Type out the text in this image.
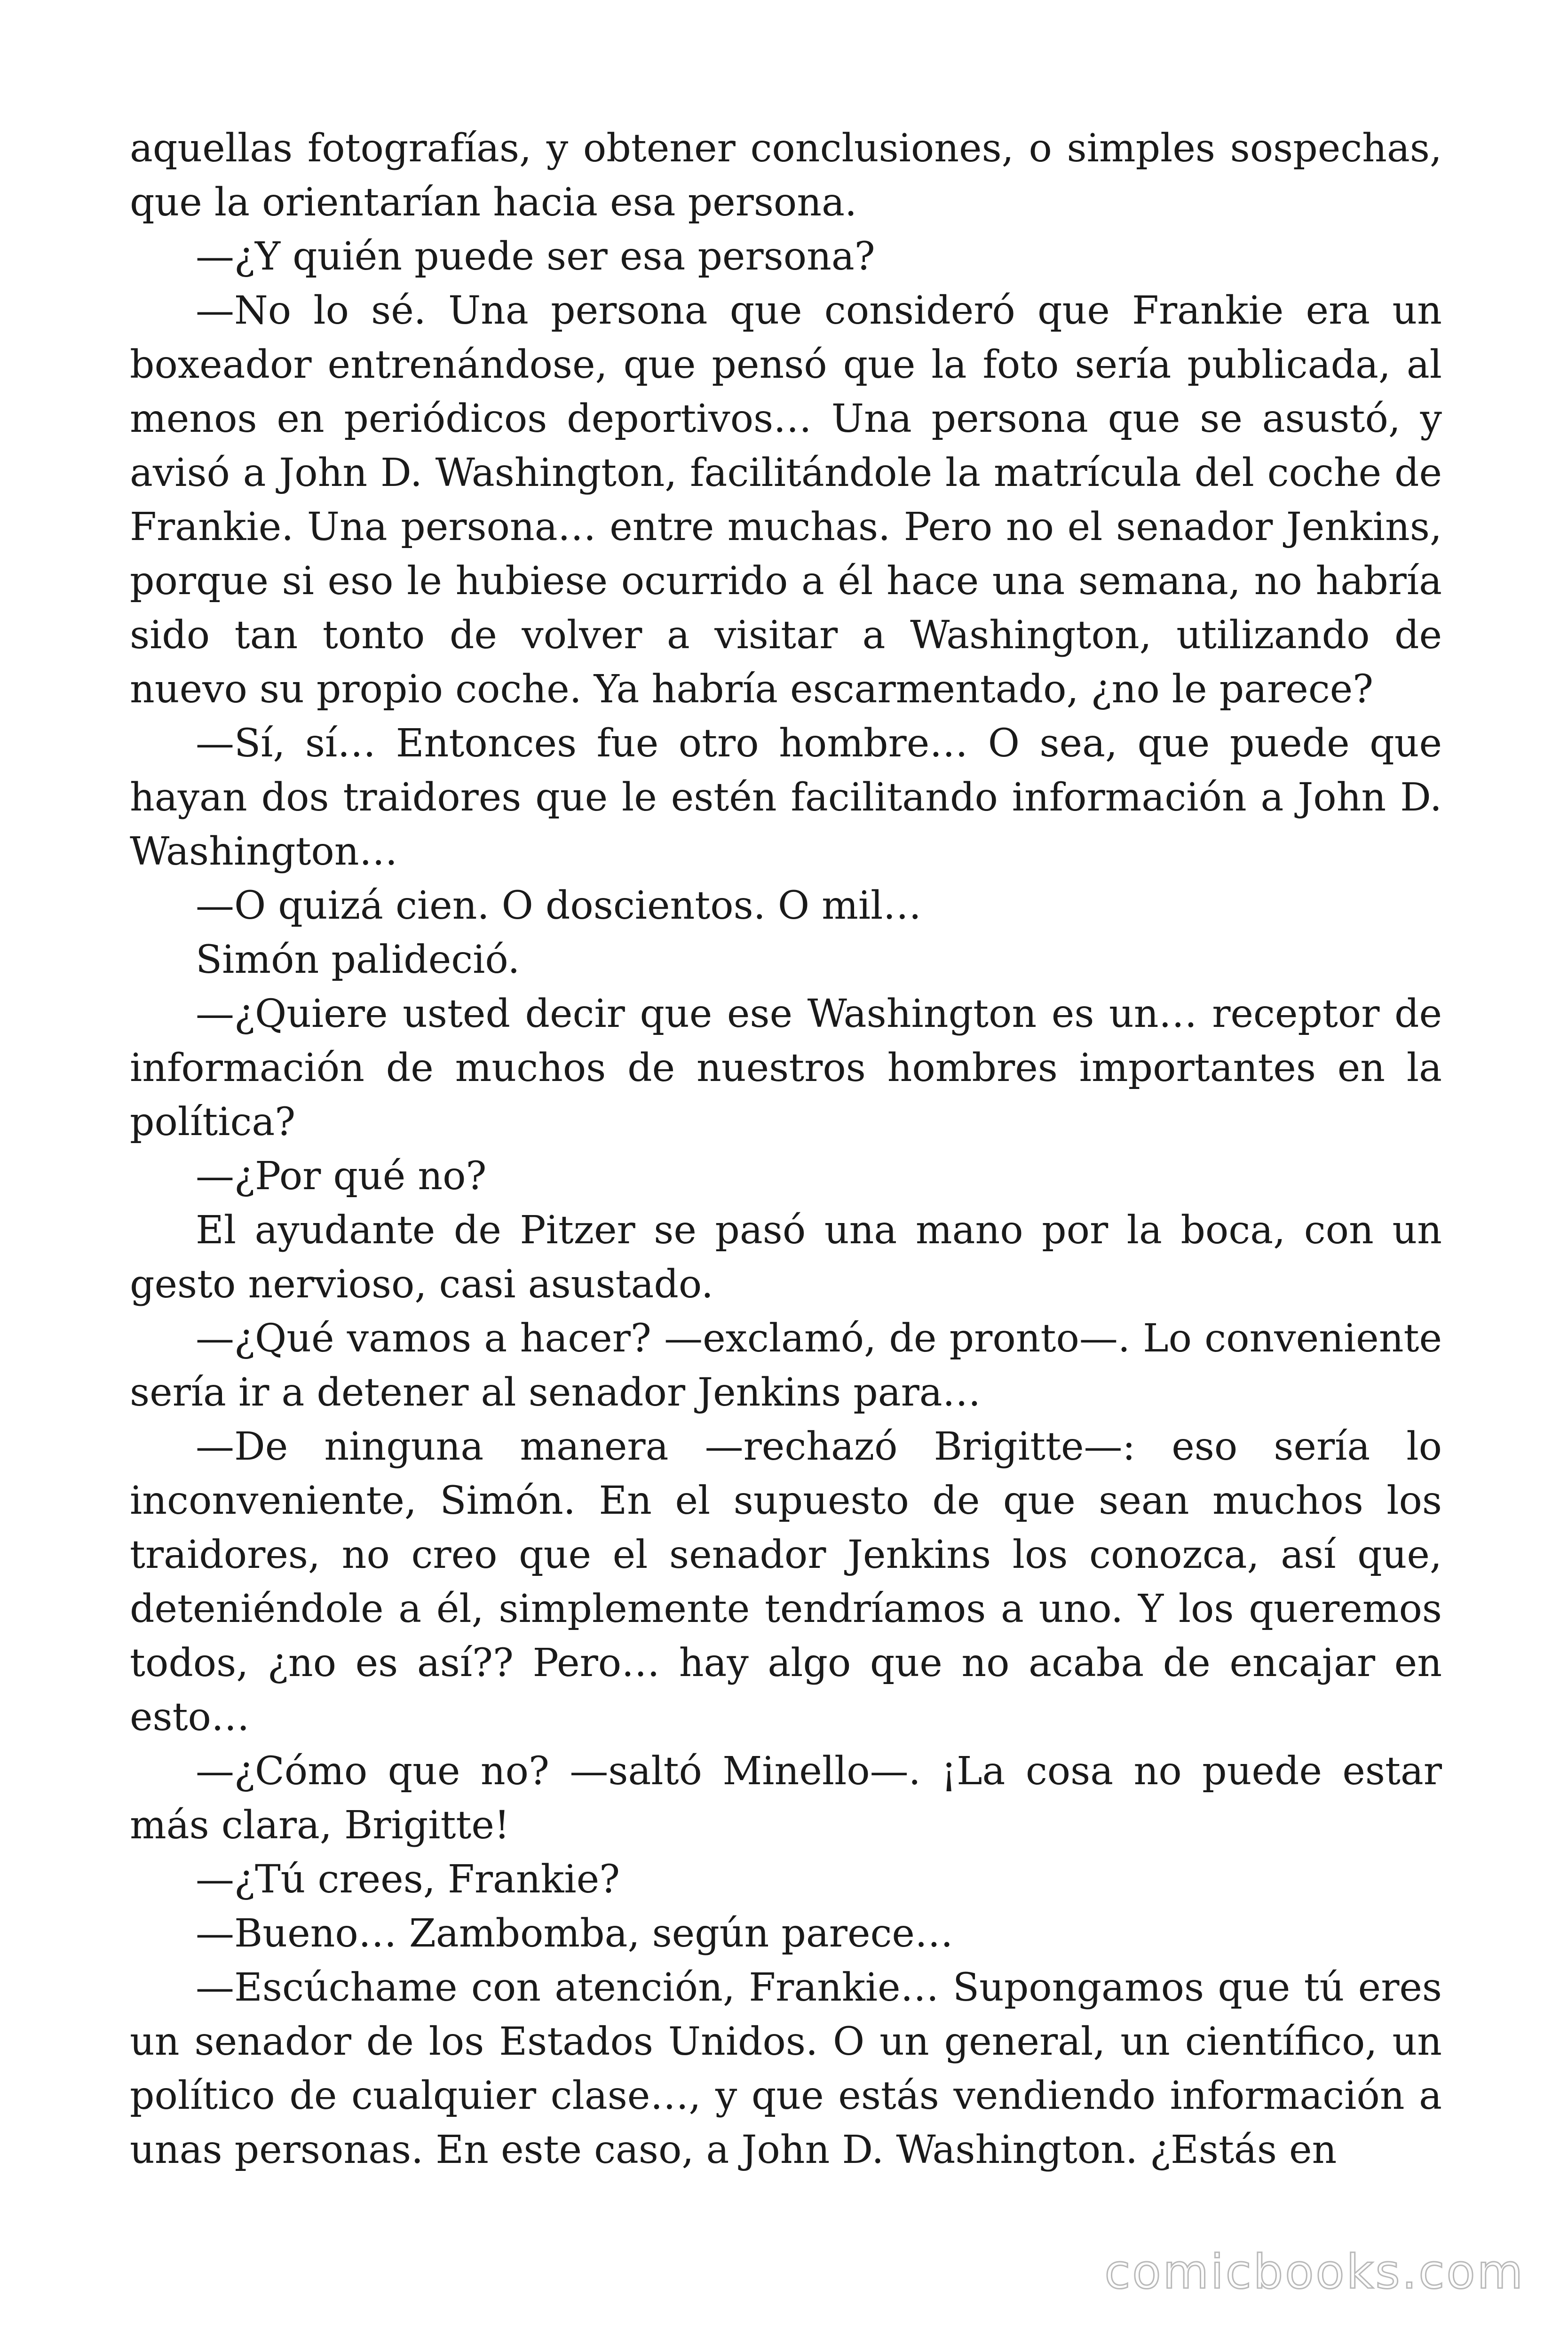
aquellas fotografías, y obtener conclusiones, o simples sospechas, que la orientarían hacia esa persona.

—¿Y quién puede ser esa persona?

—No lo sé. Una persona que consideró que Frankie era un boxeador entrenándose, que pensó que la foto sería publicada, al menos en periódicos deportivos… Una persona que se asustó, y avisó a John D. Washington, facilitándole la matrícula del coche de Frankie. Una persona… entre muchas. Pero no el senador Jenkins, porque si eso le hubiese ocurrido a él hace una semana, no habría sido tan tonto de volver a visitar a Washington, utilizando de nuevo su propio coche. Ya habría escarmentado, ¿no le parece?

—Sí, sí… Entonces fue otro hombre… O sea, que puede que hayan dos traidores que le estén facilitando información a John D. Washington…

—O quizá cien. O doscientos. O mil…

Simón palideció.

—¿Quiere usted decir que ese Washington es un… receptor de información de muchos de nuestros hombres importantes en la política?

—¿Por qué no?

El ayudante de Pitzer se pasó una mano por la boca, con un gesto nervioso, casi asustado.

—¿Qué vamos a hacer? —exclamó, de pronto—. Lo conveniente sería ir a detener al senador Jenkins para…

—De ninguna manera —rechazó Brigitte—: eso sería lo inconveniente, Simón. En el supuesto de que sean muchos los traidores, no creo que el senador Jenkins los conozca, así que, deteniéndole a él, simplemente tendríamos a uno. Y los queremos todos, ¿no es así?? Pero… hay algo que no acaba de encajar en esto…

—¿Cómo que no? —saltó Minello—. ¡La cosa no puede estar más clara, Brigitte!

—¿Tú crees, Frankie?

—Bueno… Zambomba, según parece…

—Escúchame con atención, Frankie… Supongamos que tú eres un senador de los Estados Unidos. O un general, un científico, un político de cualquier clase…, y que estás vendiendo información a unas personas. En este caso, a John D. Washington. ¿Estás en

comicbooks.com
